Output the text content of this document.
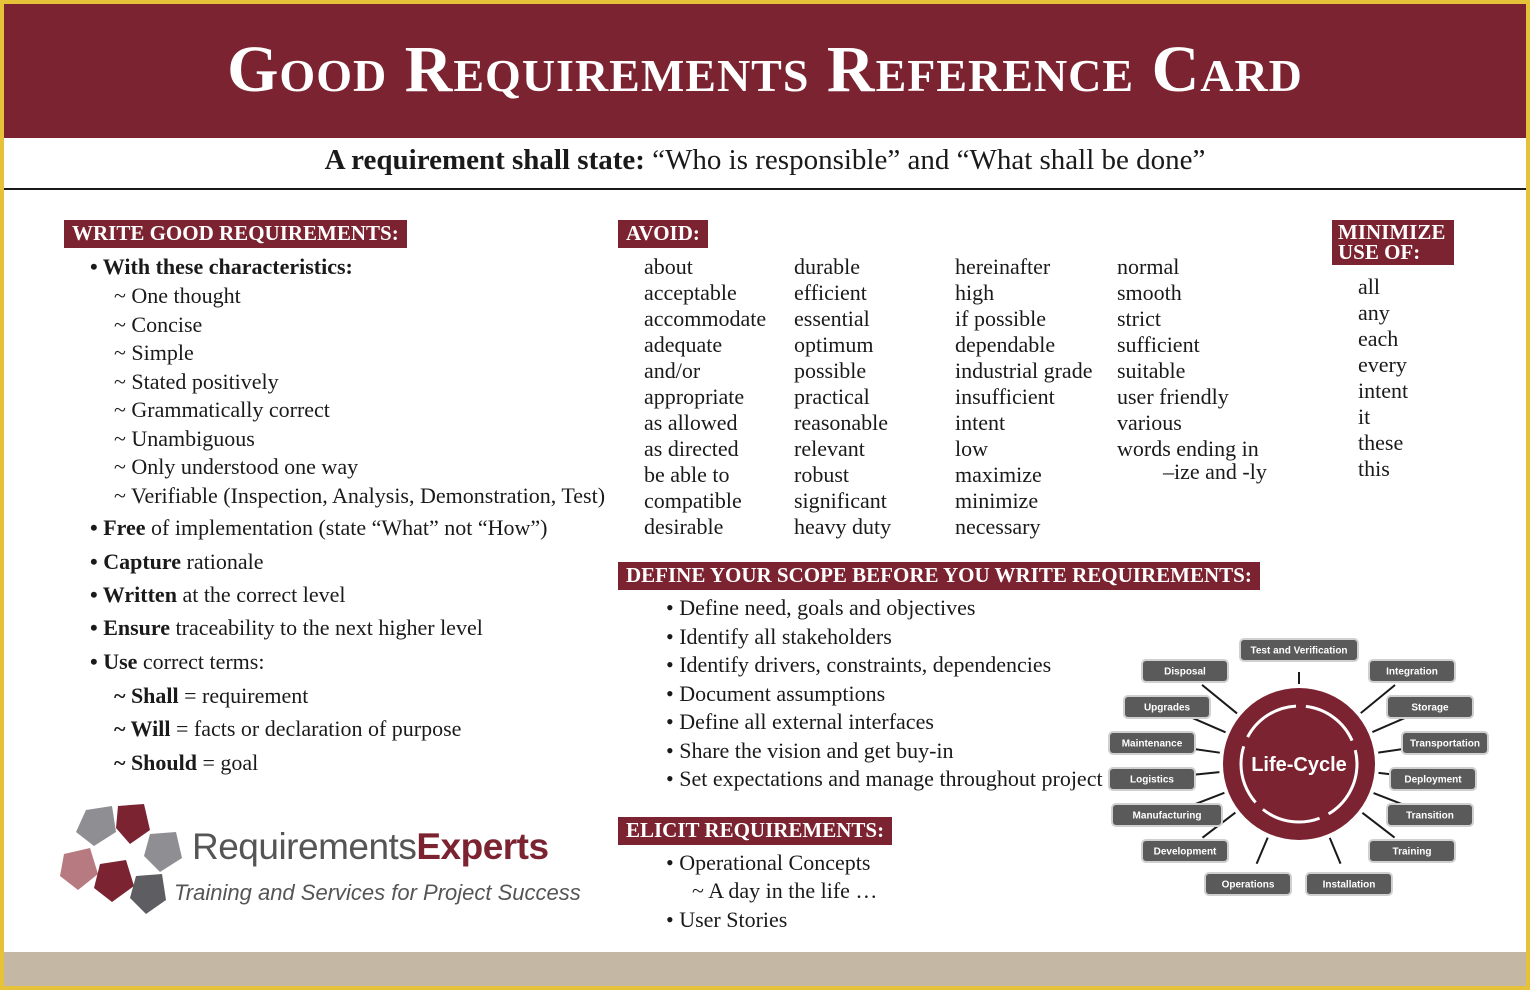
Good Requirements Reference Card
A requirement shall state: “Who is responsible” and “What shall be done”
WRITE GOOD REQUIREMENTS:
• With these characteristics:
~ One thought
~ Concise
~ Simple
~ Stated positively
~ Grammatically correct
~ Unambiguous
~ Only understood one way
~ Verifiable (Inspection, Analysis, Demonstration, Test)
• Free of implementation (state “What” not “How”)
• Capture rationale
• Written at the correct level
• Ensure traceability to the next higher level
• Use correct terms:
~ Shall = requirement
~ Will = facts or declaration of purpose
~ Should = goal
RequirementsExperts
Training and Services for Project Success
AVOID:
about
acceptable
accommodate
adequate
and/or
appropriate
as allowed
as directed
be able to
compatible
desirable
durable
efficient
essential
optimum
possible
practical
reasonable
relevant
robust
significant
heavy duty
hereinafter
high
if possible
dependable
industrial grade
insufficient
intent
low
maximize
minimize
necessary
normal
smooth
strict
sufficient
suitable
user friendly
various
words ending in
–ize and -ly
MINIMIZE USE OF:
all
any
each
every
intent
it
these
this
DEFINE YOUR SCOPE BEFORE YOU WRITE REQUIREMENTS:
• Define need, goals and objectives
• Identify all stakeholders
• Identify drivers, constraints, dependencies
• Document assumptions
• Define all external interfaces
• Share the vision and get buy-in
• Set expectations and manage throughout project
ELICIT REQUIREMENTS:
• Operational Concepts
~ A day in the life …
• User Stories
Life-Cycle
Test and Verification
Integration
Storage
Transportation
Deployment
Transition
Training
Installation
Operations
Development
Manufacturing
Logistics
Maintenance
Upgrades
Disposal
